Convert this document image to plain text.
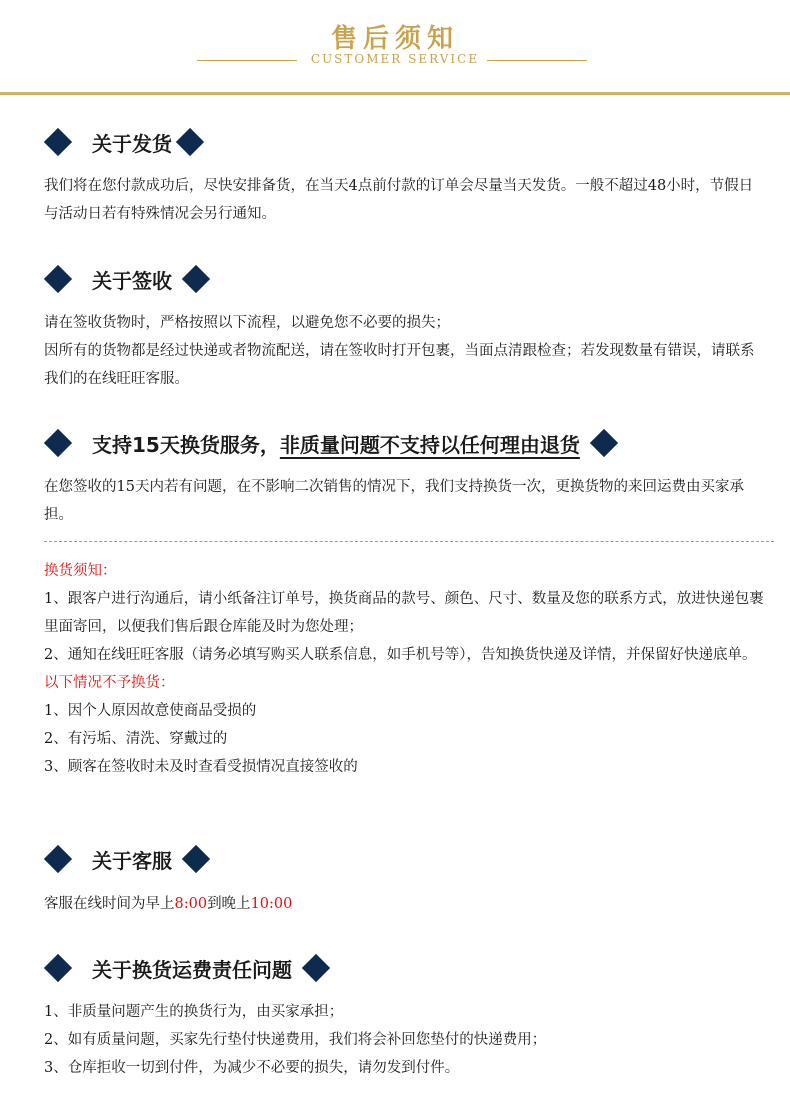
售后须知
CUSTOMER SERVICE
关于发货

我们将在您付款成功后，尽快安排备货，在当天4点前付款的订单会尽量当天发货。一般不超过48小时，节假日与活动日若有特殊情况会另行通知。

关于签收

请在签收货物时，严格按照以下流程，以避免您不必要的损失；

因所有的货物都是经过快递或者物流配送，请在签收时打开包裹，当面点清跟检查；若发现数量有错误，请联系我们的在线旺旺客服。

支持15天换货服务，非质量问题不支持以任何理由退货

在您签收的15天内若有问题，在不影响二次销售的情况下，我们支持换货一次，更换货物的来回运费由买家承担。

换货须知：

1、跟客户进行沟通后，请小纸备注订单号，换货商品的款号、颜色、尺寸、数量及您的联系方式，放进快递包裹里面寄回，以便我们售后跟仓库能及时为您处理；

2、通知在线旺旺客服（请务必填写购买人联系信息，如手机号等），告知换货快递及详情，并保留好快递底单。

以下情况不予换货：

1、因个人原因故意使商品受损的

2、有污垢、清洗、穿戴过的

3、顾客在签收时未及时查看受损情况直接签收的

关于客服

客服在线时间为早上8:00到晚上10:00

关于换货运费责任问题

1、非质量问题产生的换货行为，由买家承担；

2、如有质量问题，买家先行垫付快递费用，我们将会补回您垫付的快递费用；

3、仓库拒收一切到付件，为减少不必要的损失，请勿发到付件。
